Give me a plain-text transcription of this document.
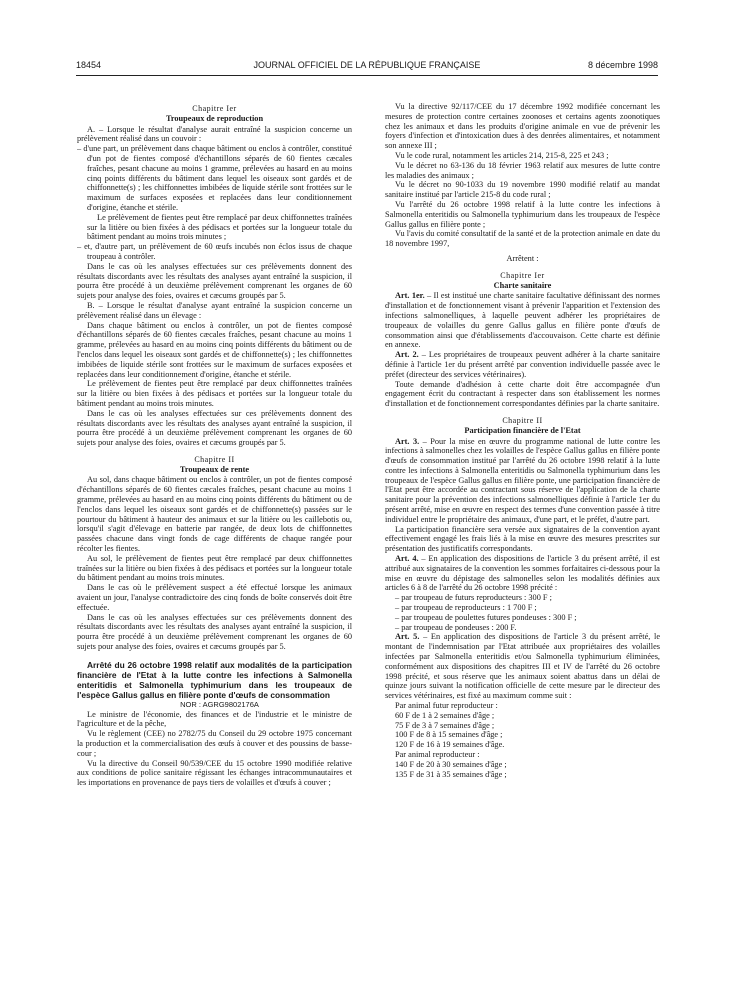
18454	JOURNAL OFFICIEL DE LA RÉPUBLIQUE FRANÇAISE	8 décembre 1998
Chapitre Ier
Troupeaux de reproduction

A. – Lorsque le résultat d'analyse aurait entraîné la suspicion concerne un prélèvement réalisé dans un couvoir :

– d'une part, un prélèvement dans chaque bâtiment ou enclos à contrôler, constitué d'un pot de fientes composé d'échantillons séparés de 60 fientes cæcales fraîches, pesant chacune au moins 1 gramme, prélevées au hasard en au moins cinq points différents du bâtiment dans lequel les oiseaux sont gardés et de chiffonnette(s) ; les chiffonnettes imbibées de liquide stérile sont frottées sur le maximum de surfaces exposées et replacées dans leur conditionnement d'origine, étanche et stérile.

Le prélèvement de fientes peut être remplacé par deux chiffonnettes traînées sur la litière ou bien fixées à des pédisacs et portées sur la longueur totale du bâtiment pendant au moins trois minutes ;

– et, d'autre part, un prélèvement de 60 œufs incubés non éclos issus de chaque troupeau à contrôler.

Dans le cas où les analyses effectuées sur ces prélèvements donnent des résultats discordants avec les résultats des analyses ayant entraîné la suspicion, il pourra être procédé à un deuxième prélèvement comprenant les organes de 60 sujets pour analyse des foies, ovaires et cæcums groupés par 5.

B. – Lorsque le résultat d'analyse ayant entraîné la suspicion concerne un prélèvement réalisé dans un élevage :

Dans chaque bâtiment ou enclos à contrôler, un pot de fientes composé d'échantillons séparés de 60 fientes cæcales fraîches, pesant chacune au moins 1 gramme, prélevées au hasard en au moins cinq points différents du bâtiment ou de l'enclos dans lequel les oiseaux sont gardés et de chiffonnette(s) ; les chiffonnettes imbibées de liquide stérile sont frottées sur le maximum de surfaces exposées et replacées dans leur conditionnement d'origine, étanche et stérile.

Le prélèvement de fientes peut être remplacé par deux chiffonnettes traînées sur la litière ou bien fixées à des pédisacs et portées sur la longueur totale du bâtiment pendant au moins trois minutes.

Dans le cas où les analyses effectuées sur ces prélèvements donnent des résultats discordants avec les résultats des analyses ayant entraîné la suspicion, il pourra être procédé à un deuxième prélèvement comprenant les organes de 60 sujets pour analyse des foies, ovaires et cæcums groupés par 5.

Chapitre II
Troupeaux de rente

Au sol, dans chaque bâtiment ou enclos à contrôler, un pot de fientes composé d'échantillons séparés de 60 fientes cæcales fraîches, pesant chacune au moins 1 gramme, prélevées au hasard en au moins cinq points différents du bâtiment ou de l'enclos dans lequel les oiseaux sont gardés et de chiffonnette(s) passées sur le pourtour du bâtiment à hauteur des animaux et sur la litière ou les caillebotis ou, lorsqu'il s'agit d'élevage en batterie par rangée, de deux lots de chiffonnettes passées chacune dans vingt fonds de cage différents de chaque rangée pour récolter les fientes.

Au sol, le prélèvement de fientes peut être remplacé par deux chiffonnettes traînées sur la litière ou bien fixées à des pédisacs et portées sur la longueur totale du bâtiment pendant au moins trois minutes.

Dans le cas où le prélèvement suspect a été effectué lorsque les animaux avaient un jour, l'analyse contradictoire des cinq fonds de boîte conservés doit être effectuée.

Dans le cas où les analyses effectuées sur ces prélèvements donnent des résultats discordants avec les résultats des analyses ayant entraîné la suspicion, il pourra être procédé à un deuxième prélèvement comprenant les organes de 60 sujets pour analyse des foies, ovaires et cæcums groupés par 5.

Arrêté du 26 octobre 1998 relatif aux modalités de la participation financière de l'Etat à la lutte contre les infections à Salmonella enteritidis et Salmonella typhimurium dans les troupeaux de l'espèce Gallus gallus en filière ponte d'œufs de consommation

NOR : AGRG9802176A

Le ministre de l'économie, des finances et de l'industrie et le ministre de l'agriculture et de la pêche,

Vu le règlement (CEE) no 2782/75 du Conseil du 29 octobre 1975 concernant la production et la commercialisation des œufs à couver et des poussins de basse-cour ;

Vu la directive du Conseil 90/539/CEE du 15 octobre 1990 modifiée relative aux conditions de police sanitaire régissant les échanges intracommunautaires et les importations en provenance de pays tiers de volailles et d'œufs à couver ;

Vu la directive 92/117/CEE du 17 décembre 1992 modifiée concernant les mesures de protection contre certaines zoonoses et certains agents zoonotiques chez les animaux et dans les produits d'origine animale en vue de prévenir les foyers d'infection et d'intoxication dues à des denrées alimentaires, et notamment son annexe III ;

Vu le code rural, notamment les articles 214, 215-8, 225 et 243 ;

Vu le décret no 63-136 du 18 février 1963 relatif aux mesures de lutte contre les maladies des animaux ;

Vu le décret no 90-1033 du 19 novembre 1990 modifié relatif au mandat sanitaire institué par l'article 215-8 du code rural ;

Vu l'arrêté du 26 octobre 1998 relatif à la lutte contre les infections à Salmonella enteritidis ou Salmonella typhimurium dans les troupeaux de l'espèce Gallus gallus en filière ponte ;

Vu l'avis du comité consultatif de la santé et de la protection animale en date du 18 novembre 1997,

Arrêtent :

Chapitre Ier
Charte sanitaire

Art. 1er. – Il est institué une charte sanitaire facultative définissant des normes d'installation et de fonctionnement visant à prévenir l'apparition et l'extension des infections salmonelliques, à laquelle peuvent adhérer les propriétaires de troupeaux de volailles du genre Gallus gallus en filière ponte d'œufs de consommation ainsi que d'établissements d'accouvaison. Cette charte est définie en annexe.

Art. 2. – Les propriétaires de troupeaux peuvent adhérer à la charte sanitaire définie à l'article 1er du présent arrêté par convention individuelle passée avec le préfet (directeur des services vétérinaires).

Toute demande d'adhésion à cette charte doit être accompagnée d'un engagement écrit du contractant à respecter dans son établissement les normes d'installation et de fonctionnement correspondantes définies par la charte sanitaire.

Chapitre II
Participation financière de l'Etat

Art. 3. – Pour la mise en œuvre du programme national de lutte contre les infections à salmonelles chez les volailles de l'espèce Gallus gallus en filière ponte d'œufs de consommation institué par l'arrêté du 26 octobre 1998 relatif à la lutte contre les infections à Salmonella enteritidis ou Salmonella typhimurium dans les troupeaux de l'espèce Gallus gallus en filière ponte, une participation financière de l'Etat peut être accordée au contractant sous réserve de l'application de la charte sanitaire pour la prévention des infections salmonelliques définie à l'article 1er du présent arrêté, mise en œuvre en respect des termes d'une convention passée à titre individuel entre le propriétaire des animaux, d'une part, et le préfet, d'autre part.

La participation financière sera versée aux signataires de la convention ayant effectivement engagé les frais liés à la mise en œuvre des mesures prescrites sur présentation des justificatifs correspondants.

Art. 4. – En application des dispositions de l'article 3 du présent arrêté, il est attribué aux signataires de la convention les sommes forfaitaires ci-dessous pour la mise en œuvre du dépistage des salmonelles selon les modalités définies aux articles 6 à 8 de l'arrêté du 26 octobre 1998 précité :

– par troupeau de futurs reproducteurs : 300 F ;

– par troupeau de reproducteurs : 1 700 F ;

– par troupeau de poulettes futures pondeuses : 300 F ;

– par troupeau de pondeuses : 200 F.

Art. 5. – En application des dispositions de l'article 3 du présent arrêté, le montant de l'indemnisation par l'Etat attribuée aux propriétaires des volailles infectées par Salmonella enteritidis et/ou Salmonella typhimurium éliminées, conformément aux dispositions des chapitres III et IV de l'arrêté du 26 octobre 1998 précité, et sous réserve que les animaux soient abattus dans un délai de quinze jours suivant la notification officielle de cette mesure par le directeur des services vétérinaires, est fixé au maximum comme suit :

Par animal futur reproducteur :

60 F de 1 à 2 semaines d'âge ;

75 F de 3 à 7 semaines d'âge ;

100 F de 8 à 15 semaines d'âge ;

120 F de 16 à 19 semaines d'âge.

Par animal reproducteur :

140 F de 20 à 30 semaines d'âge ;

135 F de 31 à 35 semaines d'âge ;
